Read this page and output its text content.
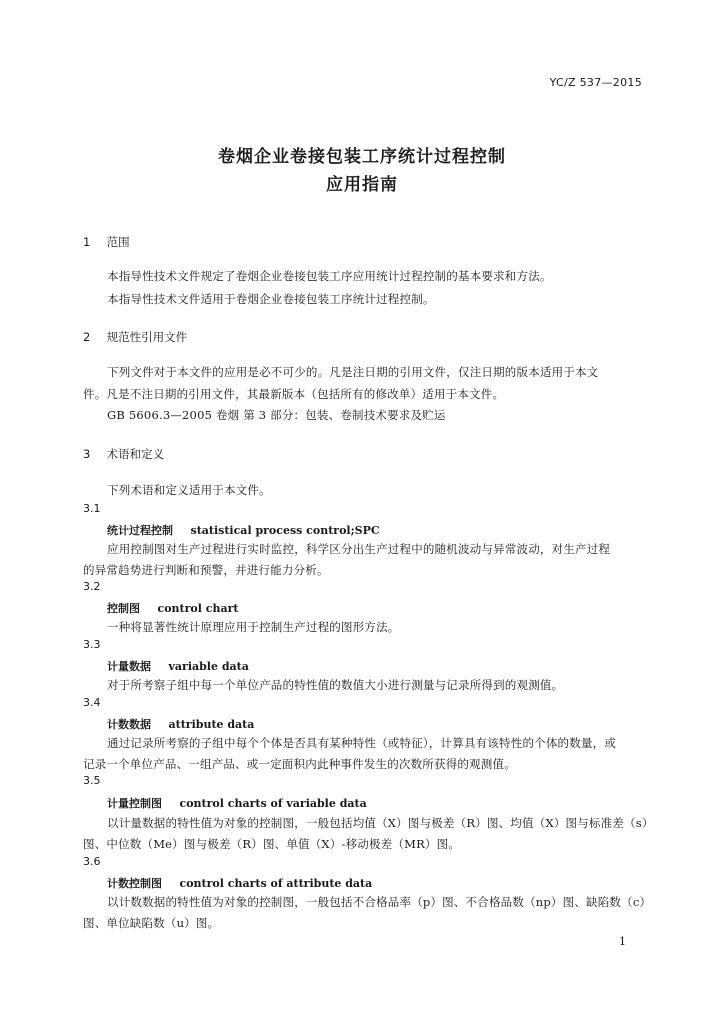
YC/Z 537—2015
卷烟企业卷接包装工序统计过程控制
应用指南
1 范围
本指导性技术文件规定了卷烟企业卷接包装工序应用统计过程控制的基本要求和方法。
本指导性技术文件适用于卷烟企业卷接包装工序统计过程控制。
2 规范性引用文件
下列文件对于本文件的应用是必不可少的。凡是注日期的引用文件，仅注日期的版本适用于本文
件。凡是不注日期的引用文件，其最新版本（包括所有的修改单）适用于本文件。
GB 5606.3—2005 卷烟 第 3 部分：包装、卷制技术要求及贮运
3 术语和定义
下列术语和定义适用于本文件。
3.1
统计过程控制 statistical process control;SPC
应用控制图对生产过程进行实时监控，科学区分出生产过程中的随机波动与异常波动，对生产过程
的异常趋势进行判断和预警，并进行能力分析。
3.2
控制图 control chart
一种将显著性统计原理应用于控制生产过程的图形方法。
3.3
计量数据 variable data
对于所考察子组中每一个单位产品的特性值的数值大小进行测量与记录所得到的观测值。
3.4
计数数据 attribute data
通过记录所考察的子组中每个个体是否具有某种特性（或特征），计算具有该特性的个体的数量，或
记录一个单位产品、一组产品、或一定面积内此种事件发生的次数所获得的观测值。
3.5
计量控制图 control charts of variable data
以计量数据的特性值为对象的控制图，一般包括均值（X）图与极差（R）图、均值（X）图与标准差（s）
图、中位数（Me）图与极差（R）图、单值（X）-移动极差（MR）图。
3.6
计数控制图 control charts of attribute data
以计数数据的特性值为对象的控制图，一般包括不合格品率（p）图、不合格品数（np）图、缺陷数（c）
图、单位缺陷数（u）图。
1
